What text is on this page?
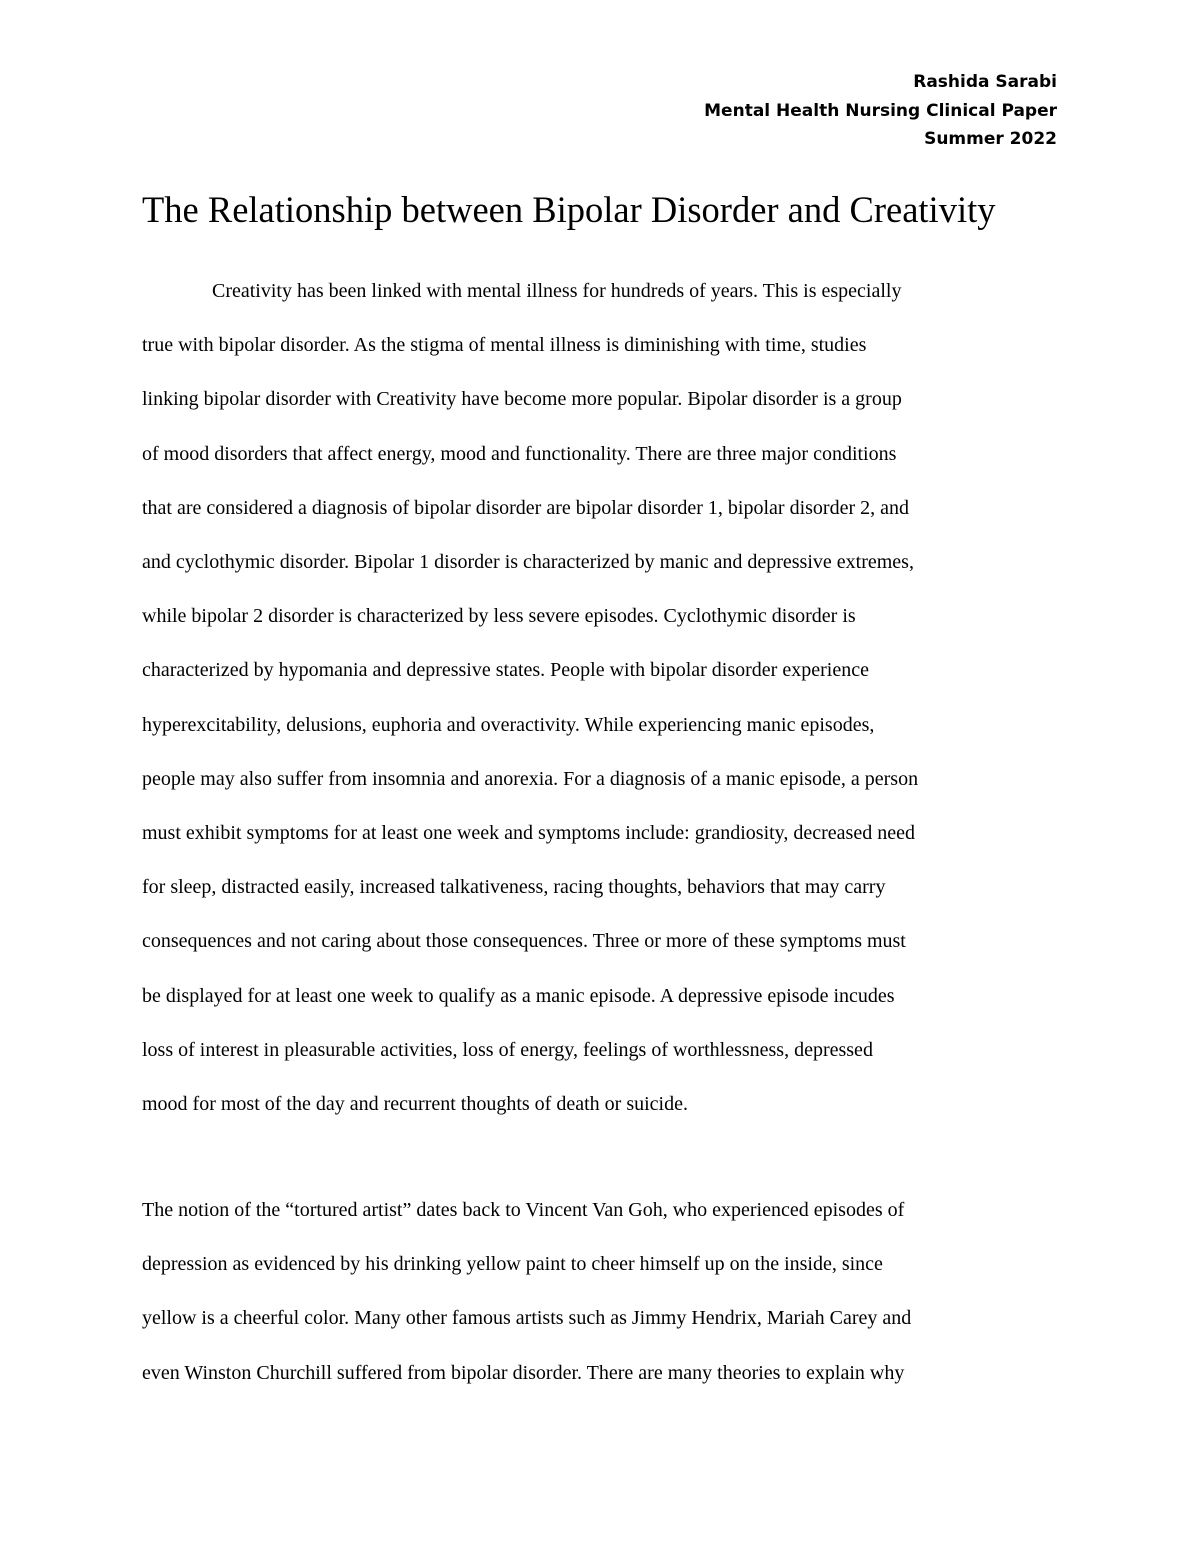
Rashida Sarabi
Mental Health Nursing Clinical Paper
Summer 2022
The Relationship between Bipolar Disorder and Creativity
Creativity has been linked with mental illness for hundreds of years. This is especially
true with bipolar disorder. As the stigma of mental illness is diminishing with time, studies
linking bipolar disorder with Creativity have become more popular. Bipolar disorder is a group
of mood disorders that affect energy, mood and functionality. There are three major conditions
that are considered a diagnosis of bipolar disorder are bipolar disorder 1, bipolar disorder 2, and
and cyclothymic disorder. Bipolar 1 disorder is characterized by manic and depressive extremes,
while bipolar 2 disorder is characterized by less severe episodes. Cyclothymic disorder is
characterized by hypomania and depressive states. People with bipolar disorder experience
hyperexcitability, delusions, euphoria and overactivity. While experiencing manic episodes,
people may also suffer from insomnia and anorexia. For a diagnosis of a manic episode, a person
must exhibit symptoms for at least one week and symptoms include: grandiosity, decreased need
for sleep, distracted easily, increased talkativeness, racing thoughts, behaviors that may carry
consequences and not caring about those consequences. Three or more of these symptoms must
be displayed for at least one week to qualify as a manic episode. A depressive episode incudes
loss of interest in pleasurable activities, loss of energy, feelings of worthlessness, depressed
mood for most of the day and recurrent thoughts of death or suicide.
The notion of the “tortured artist” dates back to Vincent Van Goh, who experienced episodes of
depression as evidenced by his drinking yellow paint to cheer himself up on the inside, since
yellow is a cheerful color. Many other famous artists such as Jimmy Hendrix, Mariah Carey and
even Winston Churchill suffered from bipolar disorder. There are many theories to explain why
